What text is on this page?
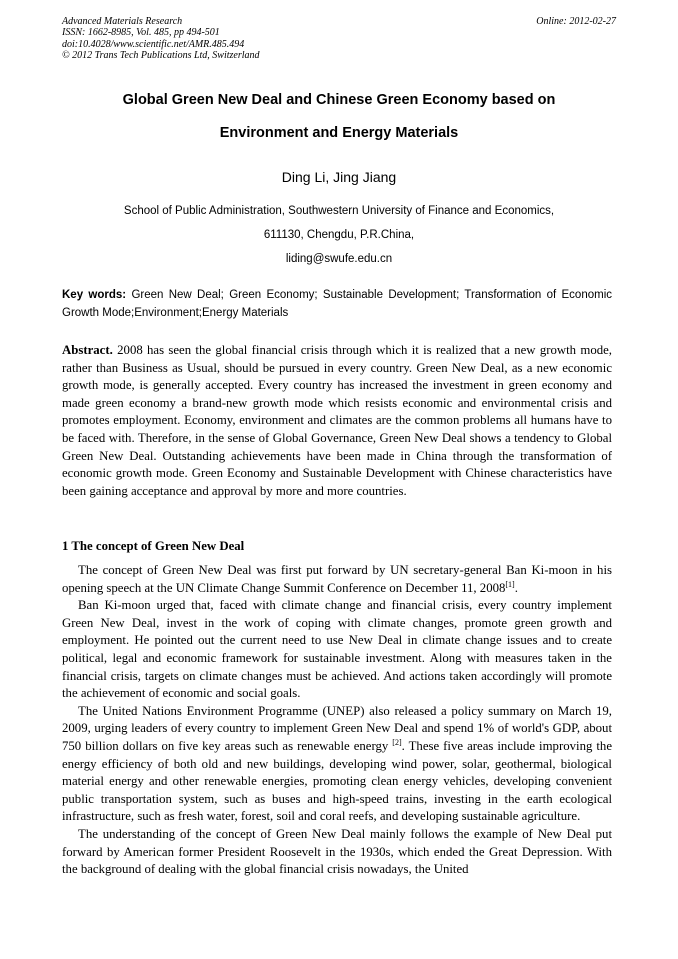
Advanced Materials Research
ISSN: 1662-8985, Vol. 485, pp 494-501
doi:10.4028/www.scientific.net/AMR.485.494
© 2012 Trans Tech Publications Ltd, Switzerland
Online: 2012-02-27
Global Green New Deal and Chinese Green Economy based on
Environment and Energy Materials
Ding Li, Jing Jiang
School of Public Administration, Southwestern University of Finance and Economics,
611130, Chengdu, P.R.China,
liding@swufe.edu.cn
Key words: Green New Deal; Green Economy; Sustainable Development; Transformation of Economic Growth Mode;Environment;Energy Materials

Abstract. 2008 has seen the global financial crisis through which it is realized that a new growth mode, rather than Business as Usual, should be pursued in every country. Green New Deal, as a new economic growth mode, is generally accepted. Every country has increased the investment in green economy and made green economy a brand-new growth mode which resists economic and environmental crisis and promotes employment. Economy, environment and climates are the common problems all humans have to be faced with. Therefore, in the sense of Global Governance, Green New Deal shows a tendency to Global Green New Deal. Outstanding achievements have been made in China through the transformation of economic growth mode. Green Economy and Sustainable Development with Chinese characteristics have been gaining acceptance and approval by more and more countries.

1 The concept of Green New Deal

The concept of Green New Deal was first put forward by UN secretary-general Ban Ki-moon in his opening speech at the UN Climate Change Summit Conference on December 11, 2008[1].

Ban Ki-moon urged that, faced with climate change and financial crisis, every country implement Green New Deal, invest in the work of coping with climate changes, promote green growth and employment. He pointed out the current need to use New Deal in climate change issues and to create political, legal and economic framework for sustainable investment. Along with measures taken in the financial crisis, targets on climate changes must be achieved. And actions taken accordingly will promote the achievement of economic and social goals.

The United Nations Environment Programme (UNEP) also released a policy summary on March 19, 2009, urging leaders of every country to implement Green New Deal and spend 1% of world's GDP, about 750 billion dollars on five key areas such as renewable energy [2]. These five areas include improving the energy efficiency of both old and new buildings, developing wind power, solar, geothermal, biological material energy and other renewable energies, promoting clean energy vehicles, developing convenient public transportation system, such as buses and high-speed trains, investing in the earth ecological infrastructure, such as fresh water, forest, soil and coral reefs, and developing sustainable agriculture.

The understanding of the concept of Green New Deal mainly follows the example of New Deal put forward by American former President Roosevelt in the 1930s, which ended the Great Depression. With the background of dealing with the global financial crisis nowadays, the United
